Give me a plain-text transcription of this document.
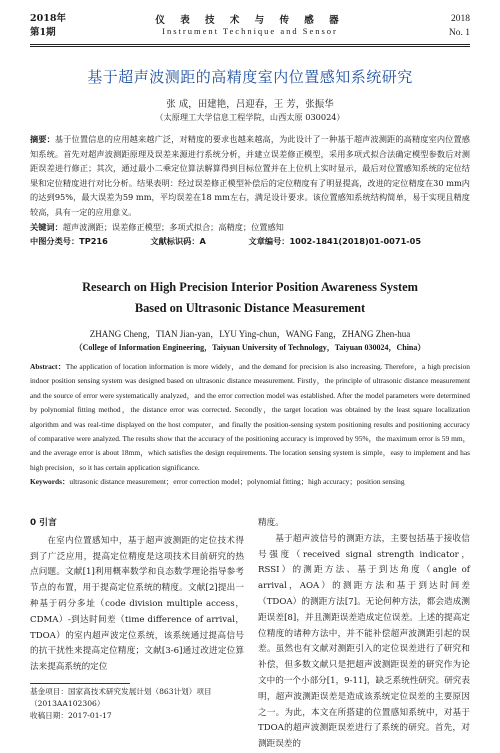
2018年
第1期
仪 表 技 术 与 传 感 器
Instrument Technique and Sensor
2018
No. 1
基于超声波测距的高精度室内位置感知系统研究
张 成，田建艳，吕迎春，王 芳，张振华
（太原理工大学信息工程学院，山西太原 030024）
摘要：基于位置信息的应用越来越广泛，对精度的要求也越来越高，为此设计了一种基于超声波测距的高精度室内位置感知系统。首先对超声波测距原理及误差来源进行系统分析，并建立误差修正模型，采用多项式拟合法确定模型参数后对测距误差进行修正；其次，通过最小二乘定位算法解算得到目标位置并在上位机上实时显示，最后对位置感知系统的定位结果和定位精度进行对比分析。结果表明：经过误差修正模型补偿后的定位精度有了明显提高，改进的定位精度在30 mm内的达到95%，最大误差为59 mm，平均误差在18 mm左右，满足设计要求。该位置感知系统结构简单，易于实现且精度较高，具有一定的应用意义。
关键词：超声波测距；误差修正模型；多项式拟合；高精度；位置感知
中图分类号：TP216	文献标识码：A	文章编号：1002-1841(2018)01-0071-05
Research on High Precision Interior Position Awareness System
Based on Ultrasonic Distance Measurement
ZHANG Cheng，TIAN Jian-yan，LYU Ying-chun，WANG Fang，ZHANG Zhen-hua
（College of Information Engineering，Taiyuan University of Technology，Taiyuan 030024，China）
Abstract：The application of location information is more widely，and the demand for precision is also increasing. Therefore，a high precision indoor position sensing system was designed based on ultrasonic distance measurement. Firstly，the principle of ultrasonic distance measurement and the source of error were systematically analyzed，and the error correction model was established. After the model parameters were determined by polynomial fitting method，the distance error was corrected. Secondly，the target location was obtained by the least square localization algorithm and was real-time displayed on the host computer，and finally the position-sensing system positioning results and positioning accuracy of comparative were analyzed. The results show that the accuracy of the positioning accuracy is improved by 95%，the maximum error is 59 mm，and the average error is about 18mm，which satisfies the design requirements. The location sensing system is simple，easy to implement and has high precision，so it has certain application significance.
Keywords：ultrasonic distance measurement；error correction model；polynomial fitting；high accuracy；position sensing
0 引言

在室内位置感知中，基于超声波测距的定位技术得到了广泛应用，提高定位精度是这项技术目前研究的热点问题。文献[1]利用概率数学和良态数学理论指导参考节点的布置，用于提高定位系统的精度。文献[2]提出一种基于码分多址（code division multiple access，CDMA）-到达时间差（time difference of arrival，TDOA）的室内超声波定位系统，该系统通过提高信号的抗干扰性来提高定位精度；文献[3-6]通过改进定位算法来提高系统的定位

精度。

基于超声波信号的测距方法，主要包括基于接收信号强度（received signal strength indicator，RSSI）的测距方法、基于到达角度（angle of arrival，AOA）的测距方法和基于到达时间差（TDOA）的测距方法[7]。无论何种方法，都会造成测距误差[8]，并且测距误差造成定位误差。上述的提高定位精度的诸种方法中，并不能补偿超声波测距引起的误差。虽然也有文献对测距引入的定位误差进行了研究和补偿，但多数文献只是把超声波测距误差的研究作为论文中的一个小部分[1，9-11]，缺乏系统性研究。研究表明，超声波测距误差是造成该系统定位误差的主要原因之一。为此，本文在所搭建的位置感知系统中，对基于TDOA的超声波测距误差进行了系统的研究。首先，对测距误差的

基金项目：国家高技术研究发展计划（863计划）项目（2013AA102306）
收稿日期：2017-01-17
